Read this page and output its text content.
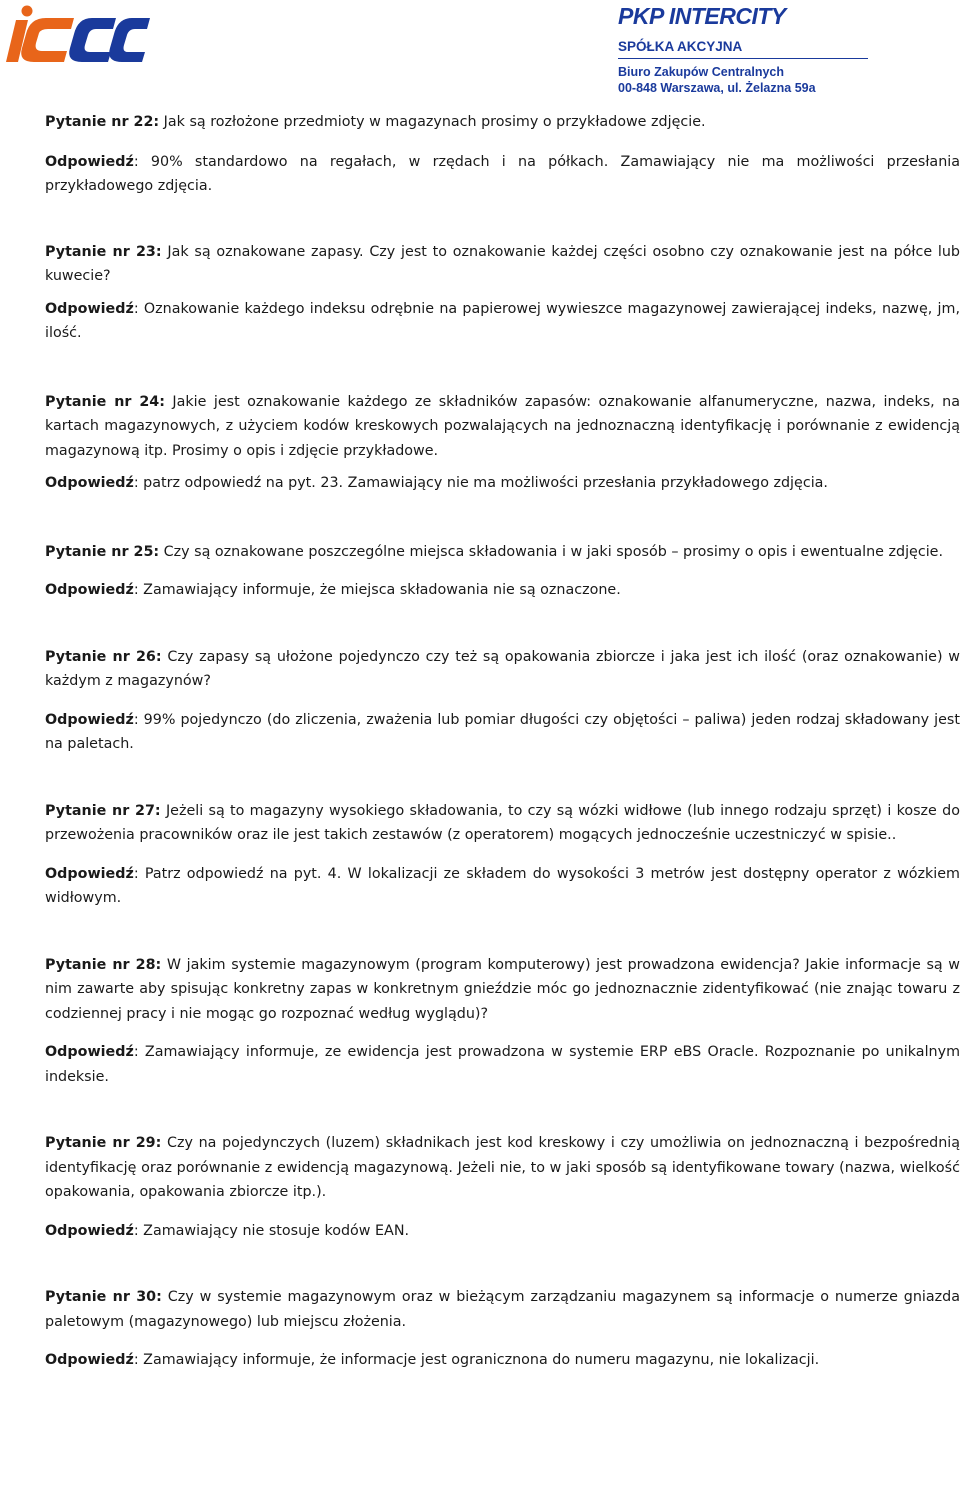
PKP INTERCITY
SPÓŁKA AKCYJNA
Biuro Zakupów Centralnych
00-848 Warszawa, ul. Żelazna 59a

Pytanie nr 22: Jak są rozłożone przedmioty w magazynach prosimy o przykładowe zdjęcie.

Odpowiedź: 90% standardowo na regałach, w rzędach i na półkach. Zamawiający nie ma możliwości przesłania przykładowego zdjęcia.

Pytanie nr 23: Jak są oznakowane zapasy. Czy jest to oznakowanie każdej części osobno czy oznakowanie jest na półce lub kuwecie?

Odpowiedź: Oznakowanie każdego indeksu odrębnie na papierowej wywieszce magazynowej zawierającej indeks, nazwę, jm, ilość.

Pytanie nr 24: Jakie jest oznakowanie każdego ze składników zapasów: oznakowanie alfanumeryczne, nazwa, indeks, na kartach magazynowych, z użyciem kodów kreskowych pozwalających na jednoznaczną identyfikację i porównanie z ewidencją magazynową itp. Prosimy o opis i zdjęcie przykładowe.

Odpowiedź: patrz odpowiedź na pyt. 23. Zamawiający nie ma możliwości przesłania przykładowego zdjęcia.

Pytanie nr 25: Czy są oznakowane poszczególne miejsca składowania i w jaki sposób – prosimy o opis i ewentualne zdjęcie.

Odpowiedź: Zamawiający informuje, że miejsca składowania nie są oznaczone.

Pytanie nr 26: Czy zapasy są ułożone pojedynczo czy też są opakowania zbiorcze i jaka jest ich ilość (oraz oznakowanie) w każdym z magazynów?

Odpowiedź: 99% pojedynczo (do zliczenia, zważenia lub pomiar długości czy objętości – paliwa) jeden rodzaj składowany jest na paletach.

Pytanie nr 27: Jeżeli są to magazyny wysokiego składowania, to czy są wózki widłowe (lub innego rodzaju sprzęt) i kosze do przewożenia pracowników oraz ile jest takich zestawów (z operatorem) mogących jednocześnie uczestniczyć w spisie..

Odpowiedź: Patrz odpowiedź na pyt. 4. W lokalizacji ze składem do wysokości 3 metrów jest dostępny operator z wózkiem widłowym.

Pytanie nr 28: W jakim systemie magazynowym (program komputerowy) jest prowadzona ewidencja? Jakie informacje są w nim zawarte aby spisując konkretny zapas w konkretnym gnieździe móc go jednoznacznie zidentyfikować (nie znając towaru z codziennej pracy i nie mogąc go rozpoznać według wyglądu)?

Odpowiedź: Zamawiający informuje, ze ewidencja jest prowadzona w systemie ERP eBS Oracle. Rozpoznanie po unikalnym indeksie.

Pytanie nr 29: Czy na pojedynczych (luzem) składnikach jest kod kreskowy i czy umożliwia on jednoznaczną i bezpośrednią identyfikację oraz porównanie z ewidencją magazynową. Jeżeli nie, to w jaki sposób są identyfikowane towary (nazwa, wielkość opakowania, opakowania zbiorcze itp.).

Odpowiedź: Zamawiający nie stosuje kodów EAN.

Pytanie nr 30: Czy w systemie magazynowym oraz w bieżącym zarządzaniu magazynem są informacje o numerze gniazda paletowym (magazynowego) lub miejscu złożenia.

Odpowiedź: Zamawiający informuje, że informacje jest ogranicznona do numeru magazynu, nie lokalizacji.
